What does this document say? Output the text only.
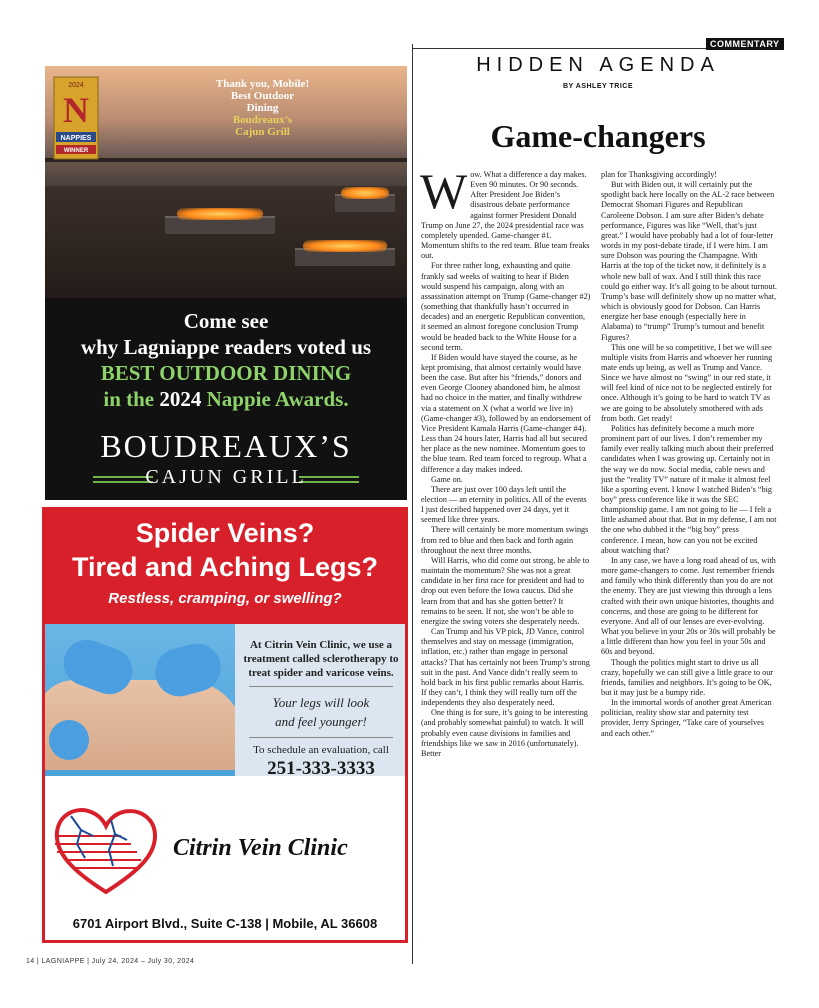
2024
N
NAPPIES
WINNER
Thank you, Mobile!
Best Outdoor
Dining
Boudreaux’s
Cajun Grill
Come see
why Lagniappe readers voted us
BEST OUTDOOR DINING
in the 2024 Nappie Awards.
BOUDREAUX’S
CAJUN GRILL
Spider Veins?
Tired and Aching Legs?
Restless, cramping, or swelling?
At Citrin Vein Clinic, we use a treatment called sclerotherapy to treat spider and varicose veins.
Your legs will look
and feel younger!
To schedule an evaluation, call
251-333-3333
Citrin Vein Clinic
6701 Airport Blvd., Suite C-138 | Mobile, AL 36608
COMMENTARY
HIDDEN AGENDA
BY ASHLEY TRICE
Game-changers

Wow. What a difference a day makes. Even 90 minutes. Or 90 seconds. After President Joe Biden’s disastrous debate performance against former President Donald Trump on June 27, the 2024 presidential race was completely upended. Game-changer #1. Momentum shifts to the red team. Blue team freaks out.

For three rather long, exhausting and quite frankly sad weeks of waiting to hear if Biden would suspend his campaign, along with an assassination attempt on Trump (Game-changer #2) (something that thankfully hasn’t occurred in decades) and an energetic Republican convention, it seemed an almost foregone conclusion Trump would be headed back to the White House for a second term.

If Biden would have stayed the course, as he kept promising, that almost certainly would have been the case. But after his “friends,” donors and even George Clooney abandoned him, he almost had no choice in the matter, and finally withdrew via a statement on X (what a world we live in) (Game-changer #3), followed by an endorsement of Vice President Kamala Harris (Game-changer #4). Less than 24 hours later, Harris had all but secured her place as the new nominee. Momentum goes to the blue team. Red team forced to regroup. What a difference a day makes indeed.

Game on.

There are just over 100 days left until the election — an eternity in politics. All of the events I just described happened over 24 days, yet it seemed like three years.

There will certainly be more momentum swings from red to blue and then back and forth again throughout the next three months.

Will Harris, who did come out strong, be able to maintain the momentum? She was not a great candidate in her first race for president and had to drop out even before the Iowa caucus. Did she learn from that and has she gotten better? It remains to be seen. If not, she won’t be able to energize the swing voters she desperately needs.

Can Trump and his VP pick, JD Vance, control themselves and stay on message (immigration, inflation, etc.) rather than engage in personal attacks? That has certainly not been Trump’s strong suit in the past. And Vance didn’t really seem to hold back in his first public remarks about Harris. If they can’t, I think they will really turn off the independents they also desperately need.

One thing is for sure, it’s going to be interesting (and probably somewhat painful) to watch. It will probably even cause divisions in families and friendships like we saw in 2016 (unfortunately). Better

plan for Thanksgiving accordingly!

But with Biden out, it will certainly put the spotlight back here locally on the AL-2 race between Democrat Shomari Figures and Republican Caroleene Dobson. I am sure after Biden’s debate performance, Figures was like “Well, that’s just great.” I would have probably had a lot of four-letter words in my post-debate tirade, if I were him. I am sure Dobson was pouring the Champagne. With Harris at the top of the ticket now, it definitely is a whole new ball of wax. And I still think this race could go either way. It’s all going to be about turnout. Trump’s base will definitely show up no matter what, which is obviously good for Dobson. Can Harris energize her base enough (especially here in Alabama) to “trump” Trump’s turnout and benefit Figures?

This one will be so competitive, I bet we will see multiple visits from Harris and whoever her running mate ends up being, as well as Trump and Vance. Since we have almost no “swing” in our red state, it will feel kind of nice not to be neglected entirely for once. Although it’s going to be hard to watch TV as we are going to be absolutely smothered with ads from both. Get ready!

Politics has definitely become a much more prominent part of our lives. I don’t remember my family ever really talking much about their preferred candidates when I was growing up. Certainly not in the way we do now. Social media, cable news and just the “reality TV” nature of it make it almost feel like a sporting event. I know I watched Biden’s “big boy” press conference like it was the SEC championship game. I am not going to lie — I felt a little ashamed about that. But in my defense, I am not the one who dubbed it the “big boy” press conference. I mean, how can you not be excited about watching that?

In any case, we have a long road ahead of us, with more game-changers to come. Just remember friends and family who think differently than you do are not the enemy. They are just viewing this through a lens crafted with their own unique histories, thoughts and concerns, and those are going to be different for everyone. And all of our lenses are ever-evolving. What you believe in your 20s or 30s will probably be a little different than how you feel in your 50s and 60s and beyond.

Though the politics might start to drive us all crazy, hopefully we can still give a little grace to our friends, families and neighbors. It’s going to be OK, but it may just be a bumpy ride.

In the immortal words of another great American politician, reality show star and paternity test provider, Jerry Springer, “Take care of yourselves and each other.”

14 | LAGNIAPPE | July 24, 2024 – July 30, 2024
